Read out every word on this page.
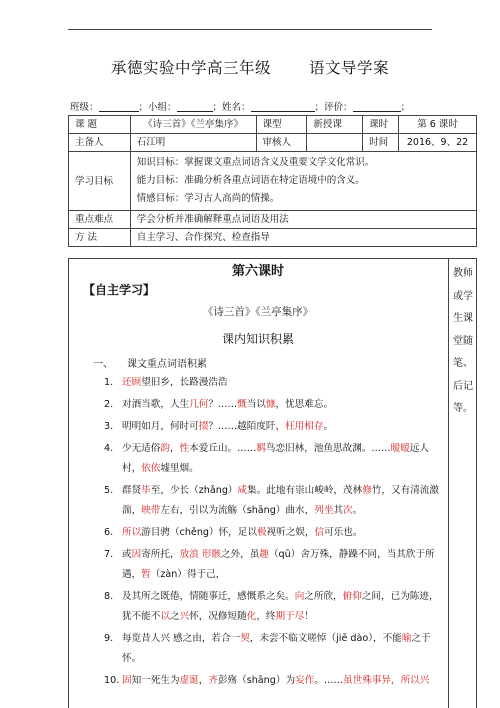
承德实验中学高三年级 语文导学案
班级：	；小组：	；姓名：	；评价：	；
课 题	《诗三首》《兰亭集序》	课型	新授课	课时	第 6 课时
主备人	石江明	审核人		时间	2016、9、22
学习目标	知识目标：掌握课文重点词语含义及重要文学文化常识。
能力目标：准确分析各重点词语在特定语境中的含义。
情感目标：学习古人高尚的情操。				

重点难点	学会分析并准确解释重点词语及用法				
方 法	自主学习、合作探究、检查指导				
教师或学生课堂随笔、后记等。
第六课时
【自主学习】
《诗三首》《兰亭集序》
课内知识积累
一、 课文重点词语积累
1. 还顾望旧乡，长路漫浩浩
2. 对酒当歌，人生几何？……慨当以慷，忧思难忘。
3. 明明如月，何时可掇？……越陌度阡，枉用相存。
4. 少无适俗韵，性本爱丘山。……羁鸟恋旧林，池鱼思故渊。……暧暧远人村，依依墟里烟。
5. 群贤毕至，少长（zhǎng）咸集。此地有崇山峻岭，茂林修竹，又有清流激湍，映带左右，引以为流觞（shāng）曲水，列坐其次。
6. 所以游目骋（chěng）怀，足以极视听之娱，信可乐也。
7. 或因寄所托，放浪 形骸之外，虽趣（qū）舍万殊，静躁不同，当其欣于所遇，暂（zàn）得于己，
8. 及其所之既倦，情随事迁，感慨系之矣。向之所欣，俯仰之间，已为陈迹，犹不能不以之兴怀，况修短随化，终期于尽！
9. 每览昔人兴 感之由，若合一契，未尝不临文嗟悼（jiē dào），不能喻之于怀。
10. 固知一死生为虚诞，齐彭殇（shāng）为妄作。……虽世殊事异，所以兴
